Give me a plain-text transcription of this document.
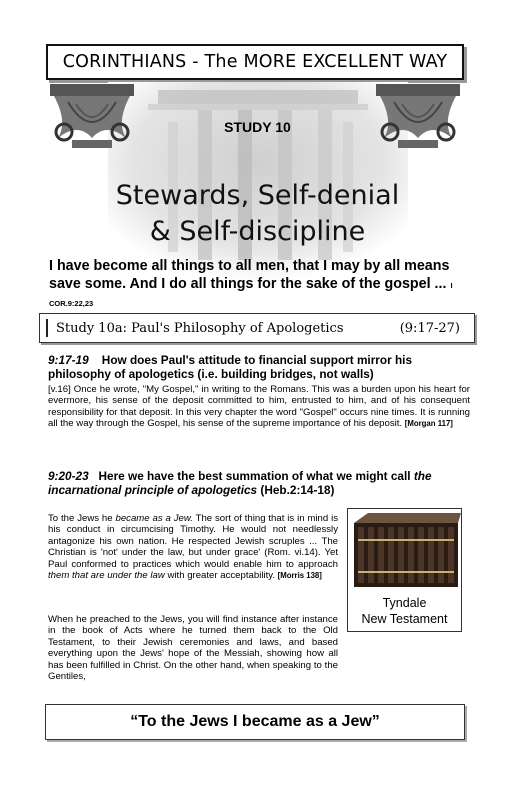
CORINTHIANS - The MORE EXCELLENT WAY
STUDY 10
Stewards, Self-denial
& Self-discipline
I have become all things to all men, that I may by all means save some. And I do all things for the sake of the gospel ... I COR.9:22,23
Study 10a: Paul's Philosophy of Apologetics	(9:17-27)
9:17-19 How does Paul's attitude to financial support mirror his philosophy of apologetics (i.e. building bridges, not walls)
[v.16] Once he wrote, "My Gospel," in writing to the Romans. This was a burden upon his heart for evermore, his sense of the deposit committed to him, entrusted to him, and of his consequent responsibility for that deposit. In this very chapter the word "Gospel" occurs nine times. It is running all the way through the Gospel, his sense of the supreme importance of his deposit. [Morgan 117]
9:20-23 Here we have the best summation of what we might call the incarnational principle of apologetics (Heb.2:14-18)
To the Jews he became as a Jew. The sort of thing that is in mind is his conduct in circumcising Timothy. He would not needlessly antagonize his own nation. He respected Jewish scruples ... The Christian is 'not' under the law, but under grace' (Rom. vi.14). Yet Paul conformed to practices which would enable him to approach them that are under the law with greater acceptability. [Morris 138]
When he preached to the Jews, you will find instance after instance in the book of Acts where he turned them back to the Old Testament, to their Jewish ceremonies and laws, and based everything upon the Jews' hope of the Messiah, showing how all has been fulfilled in Christ. On the other hand, when speaking to the Gentiles,
Tyndale
New Testament
“To the Jews I became as a Jew”
